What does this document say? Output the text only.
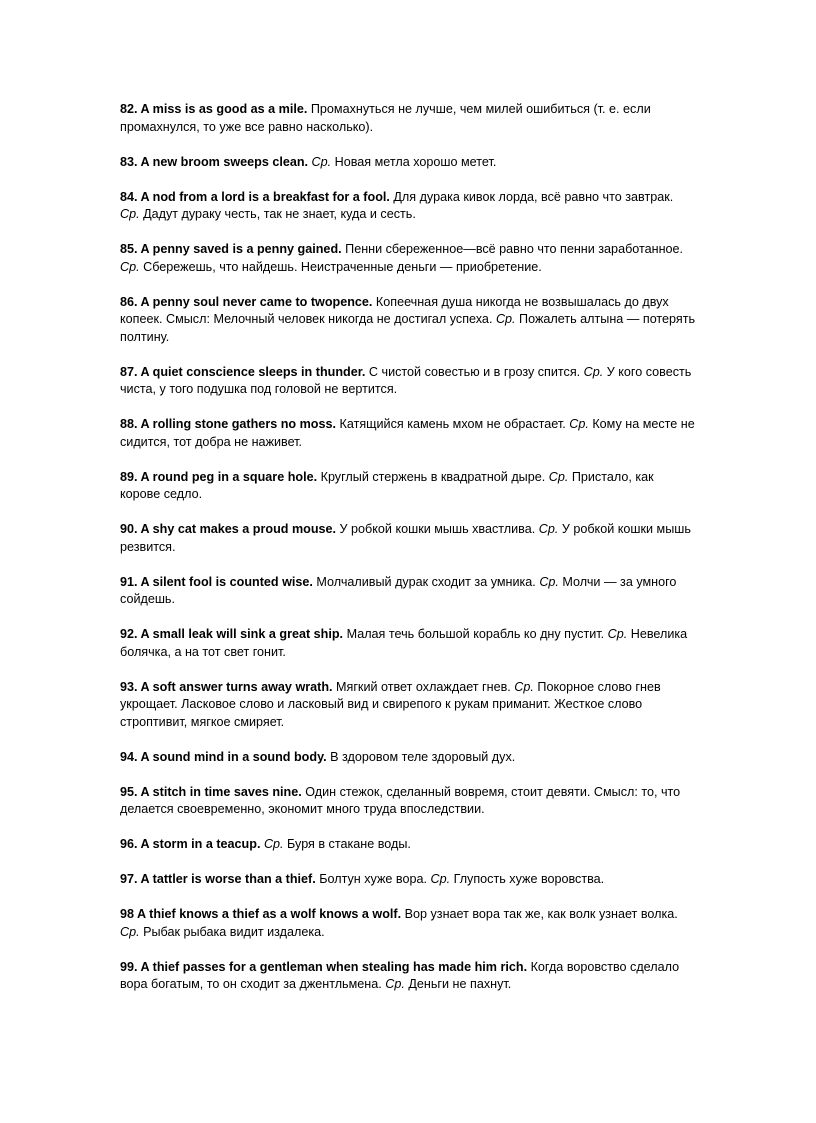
82. A miss is as good as a mile. Промахнуться не лучше, чем милей ошибиться (т. е. если промахнулся, то уже все равно насколько).
83. A new broom sweeps clean. Ср. Новая метла хорошо метет.
84. A nod from a lord is a breakfast for a fool. Для дурака кивок лорда, всё равно что завтрак. Ср. Дадут дураку честь, так не знает, куда и сесть.
85. A penny saved is a penny gained. Пенни сбереженное—всё равно что пенни заработанное. Ср. Сбережешь, что найдешь. Неистраченные деньги — приобретение.
86. A penny soul never came to twopence. Копеечная душа никогда не возвышалась до двух копеек. Смысл: Мелочный человек никогда не достигал успеха. Ср. Пожалеть алтына — потерять полтину.
87. A quiet conscience sleeps in thunder. С чистой совестью и в грозу спится. Ср. У кого совесть чиста, у того подушка под головой не вертится.
88. A rolling stone gathers no moss. Катящийся камень мхом не обрастает. Ср. Кому на месте не сидится, тот добра не наживет.
89. A round peg in a square hole. Круглый стержень в квадратной дыре. Ср. Пристало, как корове седло.
90. A shy cat makes a proud mouse. У робкой кошки мышь хвастлива. Ср. У робкой кошки мышь резвится.
91. A silent fool is counted wise. Молчаливый дурак сходит за умника. Ср. Молчи — за умного сойдешь.
92. A small leak will sink a great ship. Малая течь большой корабль ко дну пустит. Ср. Невелика болячка, а на тот свет гонит.
93. A soft answer turns away wrath. Мягкий ответ охлаждает гнев. Ср. Покорное слово гнев укрощает. Ласковое слово и ласковый вид и свирепого к рукам приманит. Жесткое слово строптивит, мягкое смиряет.
94. A sound mind in a sound body. В здоровом теле здоровый дух.
95. A stitch in time saves nine. Один стежок, сделанный вовремя, стоит девяти. Смысл: то, что делается своевременно, экономит много труда впоследствии.
96. A storm in a teacup. Ср. Буря в стакане воды.
97. A tattler is worse than a thief. Болтун хуже вора. Ср. Глупость хуже воровства.
98 A thief knows a thief as a wolf knows a wolf. Вор узнает вора так же, как волк узнает волка. Ср. Рыбак рыбака видит издалека.
99. A thief passes for a gentleman when stealing has made him rich. Когда воровство сделало вора богатым, то он сходит за джентльмена. Ср. Деньги не пахнут.
